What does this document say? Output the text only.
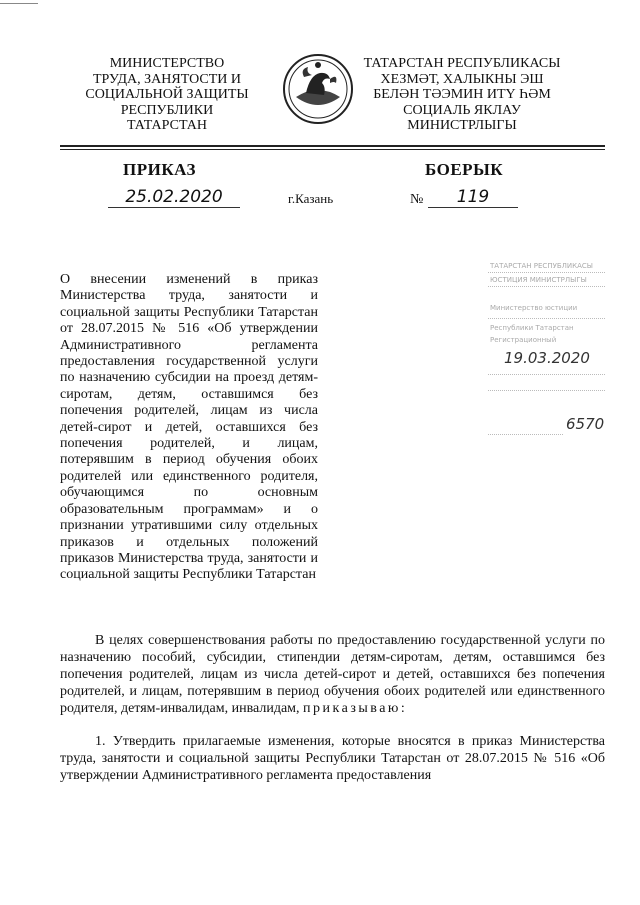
МИНИСТЕРСТВО
ТРУДА, ЗАНЯТОСТИ И
СОЦИАЛЬНОЙ ЗАЩИТЫ
РЕСПУБЛИКИ
ТАТАРСТАН
ТАТАРСТАН РЕСПУБЛИКАСЫ
ХЕЗМӘТ, ХАЛЫКНЫ ЭШ
БЕЛӘН ТӘЭМИН ИТҮ ҺӘМ
СОЦИАЛЬ ЯКЛАУ
МИНИСТРЛЫГЫ
ПРИКАЗ	БОЕРЫК
25.02.2020	г.Казань	№	119
О внесении изменений в приказ Министерства труда, занятости и социальной защиты Республики Татарстан от 28.07.2015 № 516 «Об утверждении Административного регламента предоставления государственной услуги по назначению субсидии на проезд детям-сиротам, детям, оставшимся без попечения родителей, лицам из числа детей-сирот и детей, оставшихся без попечения родителей, и лицам, потерявшим в период обучения обоих родителей или единственного родителя, обучающимся по основным образовательным программам» и о признании утратившими силу отдельных приказов и отдельных положений приказов Министерства труда, занятости и социальной защиты Республики Татарстан
ТАТАРСТАН РЕСПУБЛИКАСЫ
ЮСТИЦИЯ МИНИСТРЛЫГЫ
Министерство юстиции
Республики Татарстан
Регистрационный
19.03.2020
6570

В целях совершенствования работы по предоставлению государственной услуги по назначению пособий, субсидии, стипендии детям-сиротам, детям, оставшимся без попечения родителей, лицам из числа детей-сирот и детей, оставшихся без попечения родителей, и лицам, потерявшим в период обучения обоих родителей или единственного родителя, детям-инвалидам, инвалидам, приказываю:

1. Утвердить прилагаемые изменения, которые вносятся в приказ Министерства труда, занятости и социальной защиты Республики Татарстан от 28.07.2015 № 516 «Об утверждении Административного регламента предоставления
